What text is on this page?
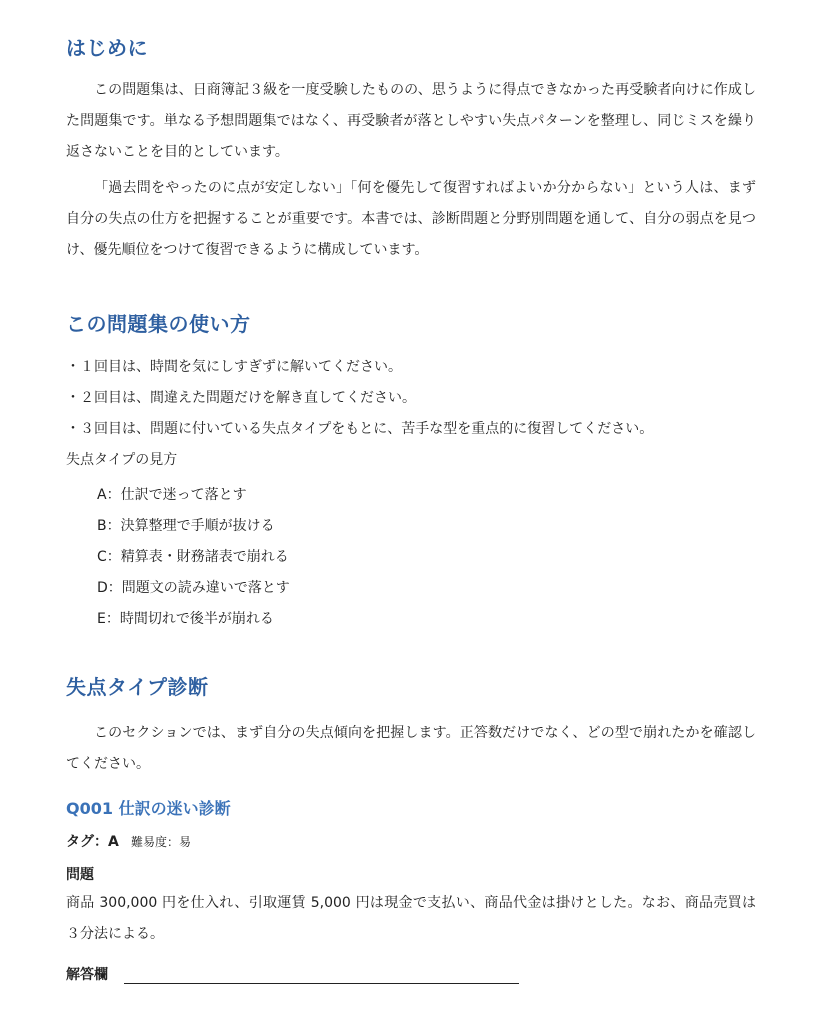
はじめに

この問題集は、日商簿記３級を一度受験したものの、思うように得点できなかった再受験者向けに作成した問題集です。単なる予想問題集ではなく、再受験者が落としやすい失点パターンを整理し、同じミスを繰り返さないことを目的としています。

「過去問をやったのに点が安定しない」「何を優先して復習すればよいか分からない」という人は、まず自分の失点の仕方を把握することが重要です。本書では、診断問題と分野別問題を通して、自分の弱点を見つけ、優先順位をつけて復習できるように構成しています。

この問題集の使い方

・１回目は、時間を気にしすぎずに解いてください。

・２回目は、間違えた問題だけを解き直してください。

・３回目は、問題に付いている失点タイプをもとに、苦手な型を重点的に復習してください。

失点タイプの見方

A：仕訳で迷って落とす

B：決算整理で手順が抜ける

C：精算表・財務諸表で崩れる

D：問題文の読み違いで落とす

E：時間切れで後半が崩れる

失点タイプ診断

このセクションでは、まず自分の失点傾向を把握します。正答数だけでなく、どの型で崩れたかを確認してください。

Q001 仕訳の迷い診断

タグ：A 難易度：易

問題

商品 300,000 円を仕入れ、引取運賃 5,000 円は現金で支払い、商品代金は掛けとした。なお、商品売買は３分法による。

解答欄
